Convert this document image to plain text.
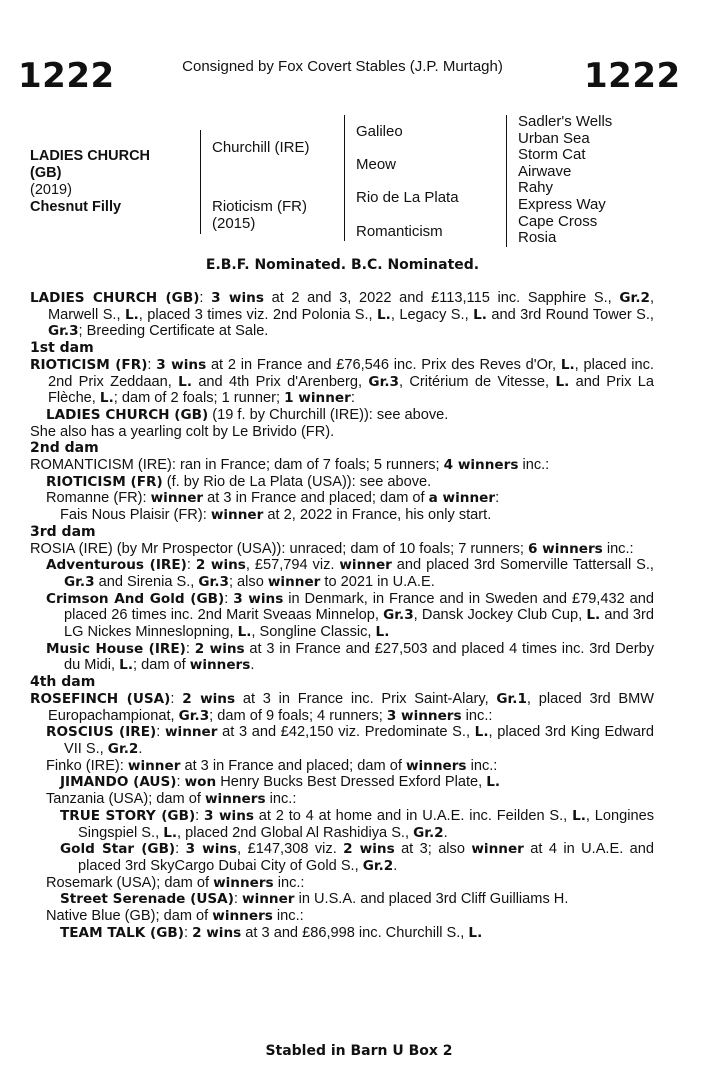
1222	Consigned by Fox Covert Stables (J.P. Murtagh)	1222
LADIES CHURCH
(GB)
(2019)
Chesnut Filly
Churchill (IRE)
Rioticism (FR)
(2015)
Galileo
Meow
Rio de La Plata
Romanticism
Sadler's Wells
Urban Sea
Storm Cat
Airwave
Rahy
Express Way
Cape Cross
Rosia
E.B.F. Nominated. B.C. Nominated.

LADIES CHURCH (GB): 3 wins at 2 and 3, 2022 and £113,115 inc. Sapphire S., Gr.2, Marwell S., L., placed 3 times viz. 2nd Polonia S., L., Legacy S., L. and 3rd Round Tower S., Gr.3; Breeding Certificate at Sale.

1st dam

RIOTICISM (FR): 3 wins at 2 in France and £76,546 inc. Prix des Reves d'Or, L., placed inc. 2nd Prix Zeddaan, L. and 4th Prix d'Arenberg, Gr.3, Critérium de Vitesse, L. and Prix La Flèche, L.; dam of 2 foals; 1 runner; 1 winner:

LADIES CHURCH (GB) (19 f. by Churchill (IRE)): see above.

She also has a yearling colt by Le Brivido (FR).

2nd dam

ROMANTICISM (IRE): ran in France; dam of 7 foals; 5 runners; 4 winners inc.:

RIOTICISM (FR) (f. by Rio de La Plata (USA)): see above.

Romanne (FR): winner at 3 in France and placed; dam of a winner:

Fais Nous Plaisir (FR): winner at 2, 2022 in France, his only start.

3rd dam

ROSIA (IRE) (by Mr Prospector (USA)): unraced; dam of 10 foals; 7 runners; 6 winners inc.:

Adventurous (IRE): 2 wins, £57,794 viz. winner and placed 3rd Somerville Tattersall S., Gr.3 and Sirenia S., Gr.3; also winner to 2021 in U.A.E.

Crimson And Gold (GB): 3 wins in Denmark, in France and in Sweden and £79,432 and placed 26 times inc. 2nd Marit Sveaas Minnelop, Gr.3, Dansk Jockey Club Cup, L. and 3rd LG Nickes Minneslopning, L., Songline Classic, L.

Music House (IRE): 2 wins at 3 in France and £27,503 and placed 4 times inc. 3rd Derby du Midi, L.; dam of winners.

4th dam

ROSEFINCH (USA): 2 wins at 3 in France inc. Prix Saint-Alary, Gr.1, placed 3rd BMW Europachampionat, Gr.3; dam of 9 foals; 4 runners; 3 winners inc.:

ROSCIUS (IRE): winner at 3 and £42,150 viz. Predominate S., L., placed 3rd King Edward VII S., Gr.2.

Finko (IRE): winner at 3 in France and placed; dam of winners inc.:

JIMANDO (AUS): won Henry Bucks Best Dressed Exford Plate, L.

Tanzania (USA); dam of winners inc.:

TRUE STORY (GB): 3 wins at 2 to 4 at home and in U.A.E. inc. Feilden S., L., Longines Singspiel S., L., placed 2nd Global Al Rashidiya S., Gr.2.

Gold Star (GB): 3 wins, £147,308 viz. 2 wins at 3; also winner at 4 in U.A.E. and placed 3rd SkyCargo Dubai City of Gold S., Gr.2.

Rosemark (USA); dam of winners inc.:

Street Serenade (USA): winner in U.S.A. and placed 3rd Cliff Guilliams H.

Native Blue (GB); dam of winners inc.:

TEAM TALK (GB): 2 wins at 3 and £86,998 inc. Churchill S., L.

Stabled in Barn U Box 2
